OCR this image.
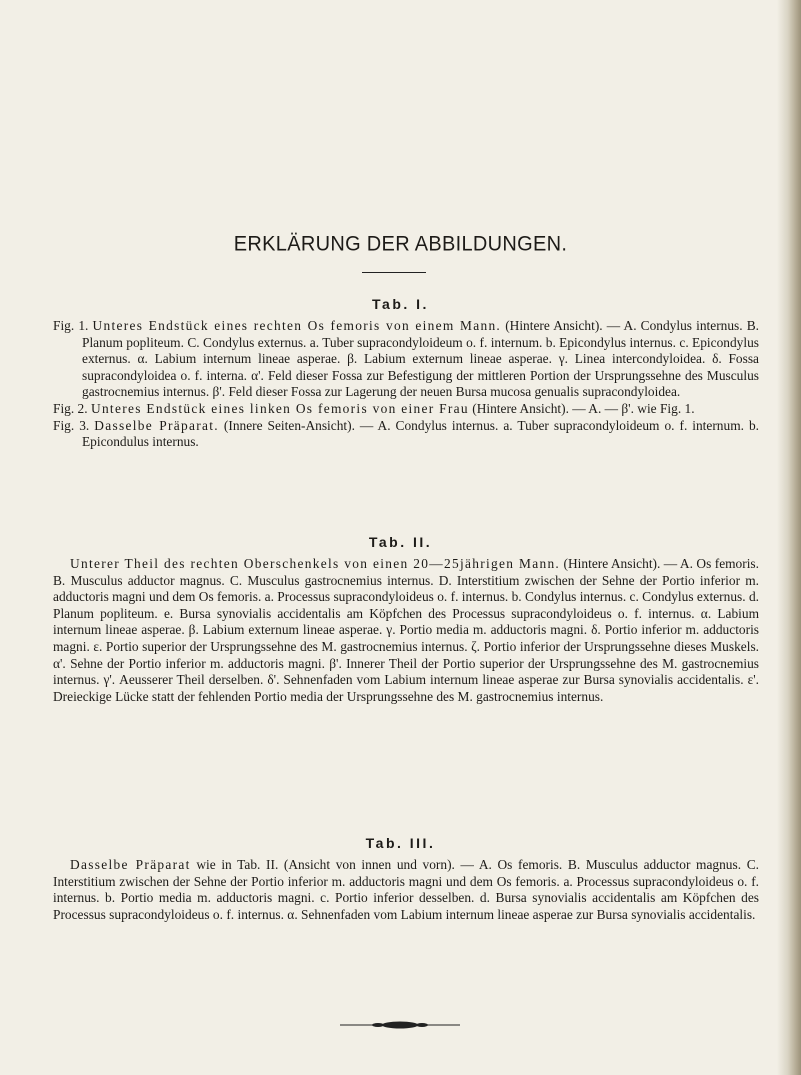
ERKLÄRUNG DER ABBILDUNGEN.
Tab. I.

Fig. 1. Unteres Endstück eines rechten Os femoris von einem Mann. (Hintere Ansicht). — A. Condylus internus. B. Planum popliteum. C. Condylus externus. a. Tuber supracondyloideum o. f. internum. b. Epicondylus internus. c. Epicondylus externus. α. Labium internum lineae asperae. β. Labium externum lineae asperae. γ. Linea intercondyloidea. δ. Fossa supracondyloidea o. f. interna. α'. Feld dieser Fossa zur Befestigung der mittleren Portion der Ursprungssehne des Musculus gastrocnemius internus. β'. Feld dieser Fossa zur Lagerung der neuen Bursa mucosa genualis supracondyloidea.

Fig. 2. Unteres Endstück eines linken Os femoris von einer Frau (Hintere Ansicht). — A. — β'. wie Fig. 1.

Fig. 3. Dasselbe Präparat. (Innere Seiten-Ansicht). — A. Condylus internus. a. Tuber supracondyloideum o. f. internum. b. Epicondulus internus.

Tab. II.

Unterer Theil des rechten Oberschenkels von einen 20—25jährigen Mann. (Hintere Ansicht). — A. Os femoris. B. Musculus adductor magnus. C. Musculus gastrocnemius internus. D. Interstitium zwischen der Sehne der Portio inferior m. adductoris magni und dem Os femoris. a. Processus supracondyloideus o. f. internus. b. Condylus internus. c. Condylus externus. d. Planum popliteum. e. Bursa synovialis accidentalis am Köpfchen des Processus supracondyloideus o. f. internus. α. Labium internum lineae asperae. β. Labium externum lineae asperae. γ. Portio media m. adductoris magni. δ. Portio inferior m. adductoris magni. ε. Portio superior der Ursprungssehne des M. gastrocnemius internus. ζ. Portio inferior der Ursprungssehne dieses Muskels. α'. Sehne der Portio inferior m. adductoris magni. β'. Innerer Theil der Portio superior der Ursprungssehne des M. gastrocnemius internus. γ'. Aeusserer Theil derselben. δ'. Sehnenfaden vom Labium internum lineae asperae zur Bursa synovialis accidentalis. ε'. Dreieckige Lücke statt der fehlenden Portio media der Ursprungssehne des M. gastrocnemius internus.

Tab. III.

Dasselbe Präparat wie in Tab. II. (Ansicht von innen und vorn). — A. Os femoris. B. Musculus adductor magnus. C. Interstitium zwischen der Sehne der Portio inferior m. adductoris magni und dem Os femoris. a. Processus supracondyloideus o. f. internus. b. Portio media m. adductoris magni. c. Portio inferior desselben. d. Bursa synovialis accidentalis am Köpfchen des Processus supracondyloideus o. f. internus. α. Sehnenfaden vom Labium internum lineae asperae zur Bursa synovialis accidentalis.
